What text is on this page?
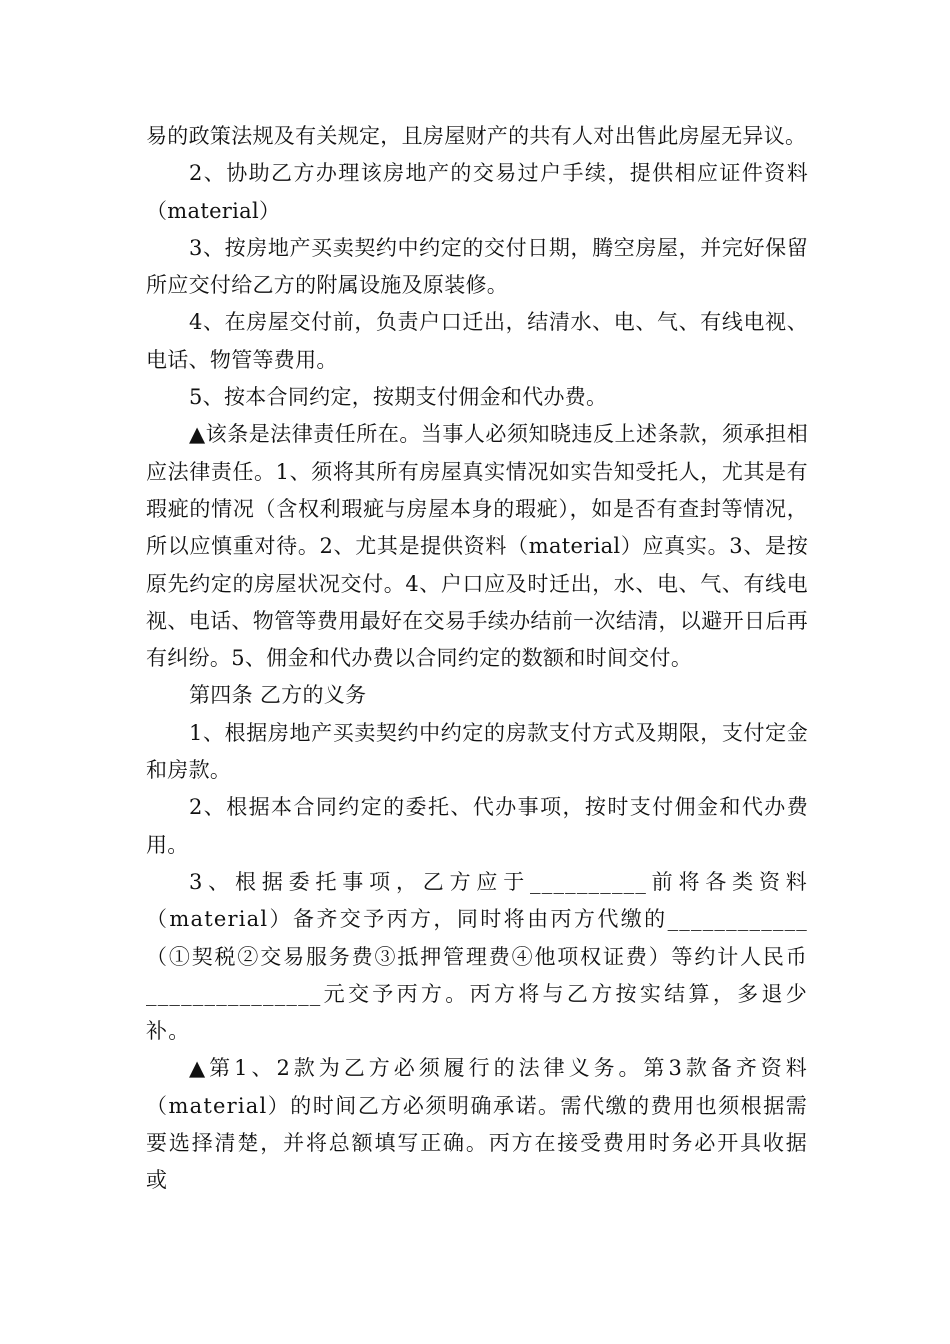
易的政策法规及有关规定，且房屋财产的共有人对出售此房屋无异议。

2、协助乙方办理该房地产的交易过户手续，提供相应证件资料（material）

3、按房地产买卖契约中约定的交付日期，腾空房屋，并完好保留所应交付给乙方的附属设施及原装修。

4、在房屋交付前，负责户口迁出，结清水、电、气、有线电视、电话、物管等费用。

5、按本合同约定，按期支付佣金和代办费。

▲该条是法律责任所在。当事人必须知晓违反上述条款，须承担相应法律责任。1、须将其所有房屋真实情况如实告知受托人，尤其是有瑕疵的情况（含权利瑕疵与房屋本身的瑕疵），如是否有查封等情况，所以应慎重对待。2、尤其是提供资料（material）应真实。3、是按原先约定的房屋状况交付。4、户口应及时迁出，水、电、气、有线电视、电话、物管等费用最好在交易手续办结前一次结清，以避开日后再有纠纷。5、佣金和代办费以合同约定的数额和时间交付。

第四条 乙方的义务

1、根据房地产买卖契约中约定的房款支付方式及期限，支付定金和房款。

2、根据本合同约定的委托、代办事项，按时支付佣金和代办费用。

3、根据委托事项，乙方应于__________前将各类资料（material）备齐交予丙方，同时将由丙方代缴的____________（①契税②交易服务费③抵押管理费④他项权证费）等约计人民币_______________元交予丙方。丙方将与乙方按实结算，多退少补。

▲第1、2款为乙方必须履行的法律义务。第3款备齐资料（material）的时间乙方必须明确承诺。需代缴的费用也须根据需要选择清楚，并将总额填写正确。丙方在接受费用时务必开具收据或
